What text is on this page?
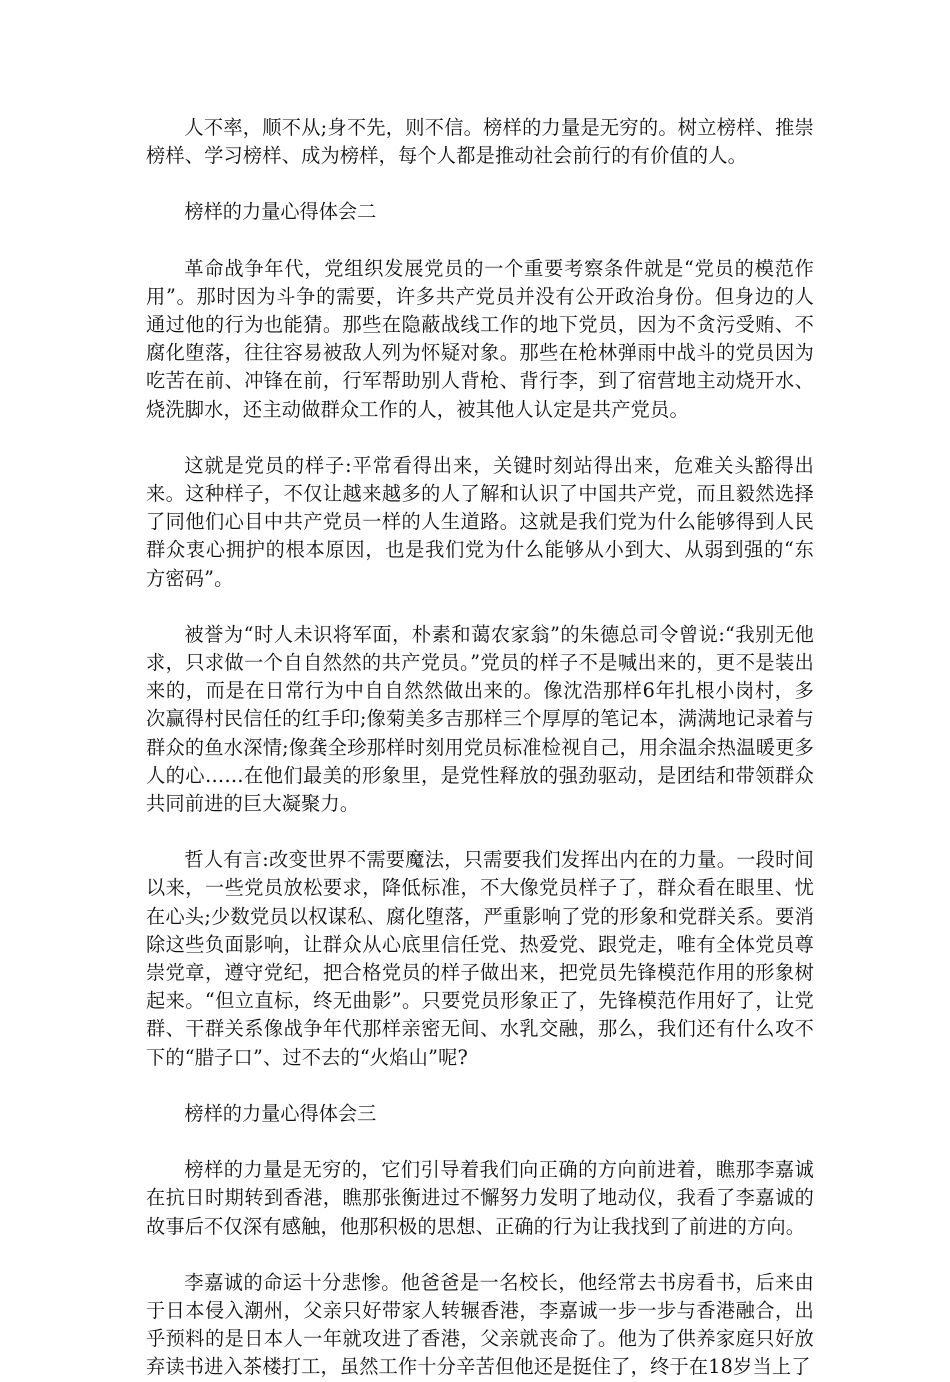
人不率，顺不从;身不先，则不信。榜样的力量是无穷的。树立榜样、推崇榜样、学习榜样、成为榜样，每个人都是推动社会前行的有价值的人。

榜样的力量心得体会二

革命战争年代，党组织发展党员的一个重要考察条件就是“党员的模范作用”。那时因为斗争的需要，许多共产党员并没有公开政治身份。但身边的人通过他的行为也能猜。那些在隐蔽战线工作的地下党员，因为不贪污受贿、不腐化堕落，往往容易被敌人列为怀疑对象。那些在枪林弹雨中战斗的党员因为吃苦在前、冲锋在前，行军帮助别人背枪、背行李，到了宿营地主动烧开水、烧洗脚水，还主动做群众工作的人，被其他人认定是共产党员。

这就是党员的样子:平常看得出来，关键时刻站得出来，危难关头豁得出来。这种样子，不仅让越来越多的人了解和认识了中国共产党，而且毅然选择了同他们心目中共产党员一样的人生道路。这就是我们党为什么能够得到人民群众衷心拥护的根本原因，也是我们党为什么能够从小到大、从弱到强的“东方密码”。

被誉为“时人未识将军面，朴素和蔼农家翁”的朱德总司令曾说:“我别无他求，只求做一个自自然然的共产党员。”党员的样子不是喊出来的，更不是装出来的，而是在日常行为中自自然然做出来的。像沈浩那样6年扎根小岗村，多次赢得村民信任的红手印;像菊美多吉那样三个厚厚的笔记本，满满地记录着与群众的鱼水深情;像龚全珍那样时刻用党员标准检视自己，用余温余热温暖更多人的心……在他们最美的形象里，是党性释放的强劲驱动，是团结和带领群众共同前进的巨大凝聚力。

哲人有言:改变世界不需要魔法，只需要我们发挥出内在的力量。一段时间以来，一些党员放松要求，降低标准，不大像党员样子了，群众看在眼里、忧在心头;少数党员以权谋私、腐化堕落，严重影响了党的形象和党群关系。要消除这些负面影响，让群众从心底里信任党、热爱党、跟党走，唯有全体党员尊崇党章，遵守党纪，把合格党员的样子做出来，把党员先锋模范作用的形象树起来。“但立直标，终无曲影”。只要党员形象正了，先锋模范作用好了，让党群、干群关系像战争年代那样亲密无间、水乳交融，那么，我们还有什么攻不下的“腊子口”、过不去的“火焰山”呢?

榜样的力量心得体会三

榜样的力量是无穷的，它们引导着我们向正确的方向前进着，瞧那李嘉诚在抗日时期转到香港，瞧那张衡进过不懈努力发明了地动仪，我看了李嘉诚的故事后不仅深有感触，他那积极的思想、正确的行为让我找到了前进的方向。

李嘉诚的命运十分悲惨。他爸爸是一名校长，他经常去书房看书，后来由于日本侵入潮州，父亲只好带家人转辗香港，李嘉诚一步一步与香港融合，出乎预料的是日本人一年就攻进了香港，父亲就丧命了。他为了供养家庭只好放弃读书进入茶楼打工，虽然工作十分辛苦但他还是挺住了，终于在18岁当上了
